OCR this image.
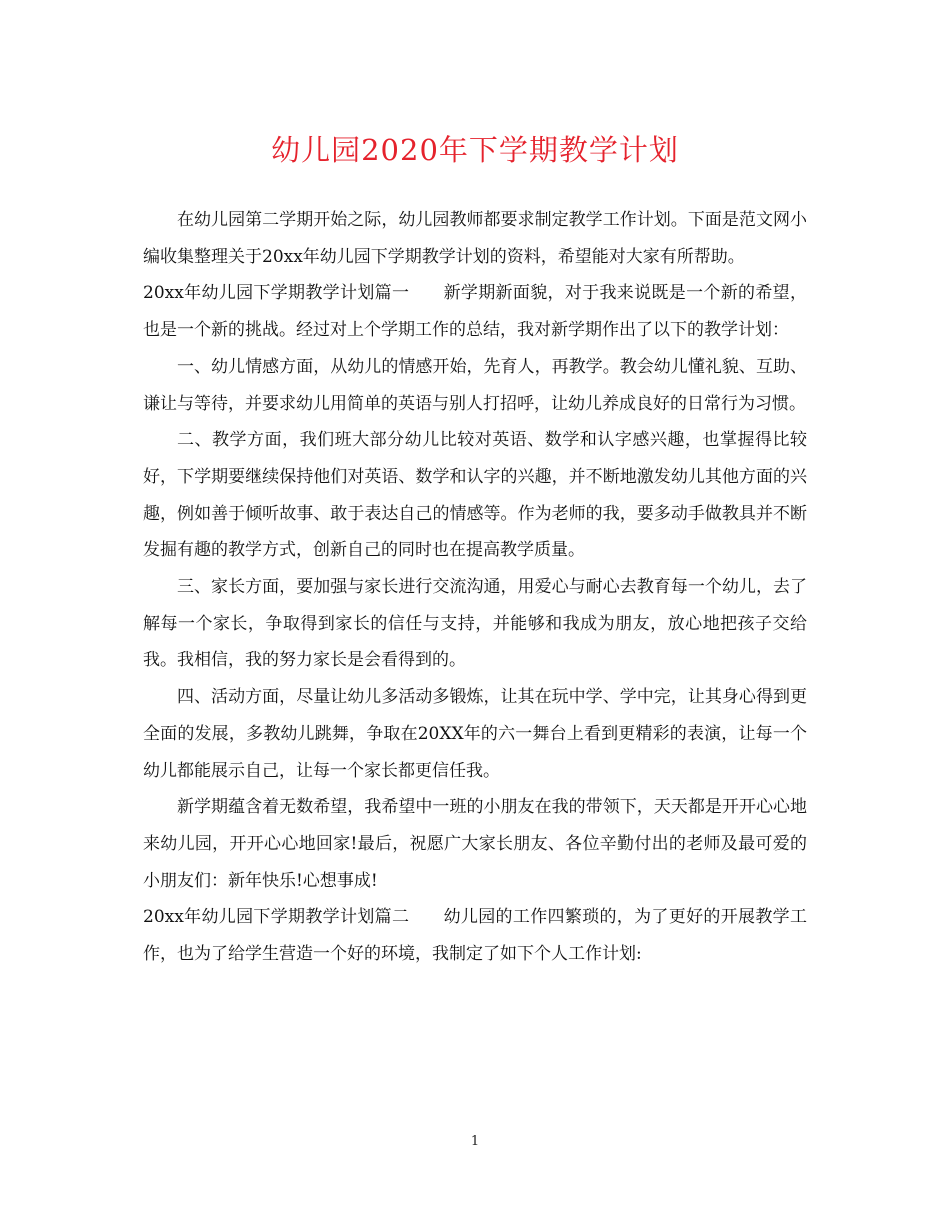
幼儿园2020年下学期教学计划

在幼儿园第二学期开始之际，幼儿园教师都要求制定教学工作计划。下面是范文网小编收集整理关于20xx年幼儿园下学期教学计划的资料，希望能对大家有所帮助。

20xx年幼儿园下学期教学计划篇一 新学期新面貌，对于我来说既是一个新的希望，也是一个新的挑战。经过对上个学期工作的总结，我对新学期作出了以下的教学计划：

一、幼儿情感方面，从幼儿的情感开始，先育人，再教学。教会幼儿懂礼貌、互助、谦让与等待，并要求幼儿用简单的英语与别人打招呼，让幼儿养成良好的日常行为习惯。

二、教学方面，我们班大部分幼儿比较对英语、数学和认字感兴趣，也掌握得比较好，下学期要继续保持他们对英语、数学和认字的兴趣，并不断地激发幼儿其他方面的兴趣，例如善于倾听故事、敢于表达自己的情感等。作为老师的我，要多动手做教具并不断发掘有趣的教学方式，创新自己的同时也在提高教学质量。

三、家长方面，要加强与家长进行交流沟通，用爱心与耐心去教育每一个幼儿，去了解每一个家长，争取得到家长的信任与支持，并能够和我成为朋友，放心地把孩子交给我。我相信，我的努力家长是会看得到的。

四、活动方面，尽量让幼儿多活动多锻炼，让其在玩中学、学中完，让其身心得到更全面的发展，多教幼儿跳舞，争取在20XX年的六一舞台上看到更精彩的表演，让每一个幼儿都能展示自己，让每一个家长都更信任我。

新学期蕴含着无数希望，我希望中一班的小朋友在我的带领下，天天都是开开心心地来幼儿园，开开心心地回家!最后，祝愿广大家长朋友、各位辛勤付出的老师及最可爱的小朋友们：新年快乐!心想事成!

20xx年幼儿园下学期教学计划篇二 幼儿园的工作四繁琐的，为了更好的开展教学工作，也为了给学生营造一个好的环境，我制定了如下个人工作计划:

1
